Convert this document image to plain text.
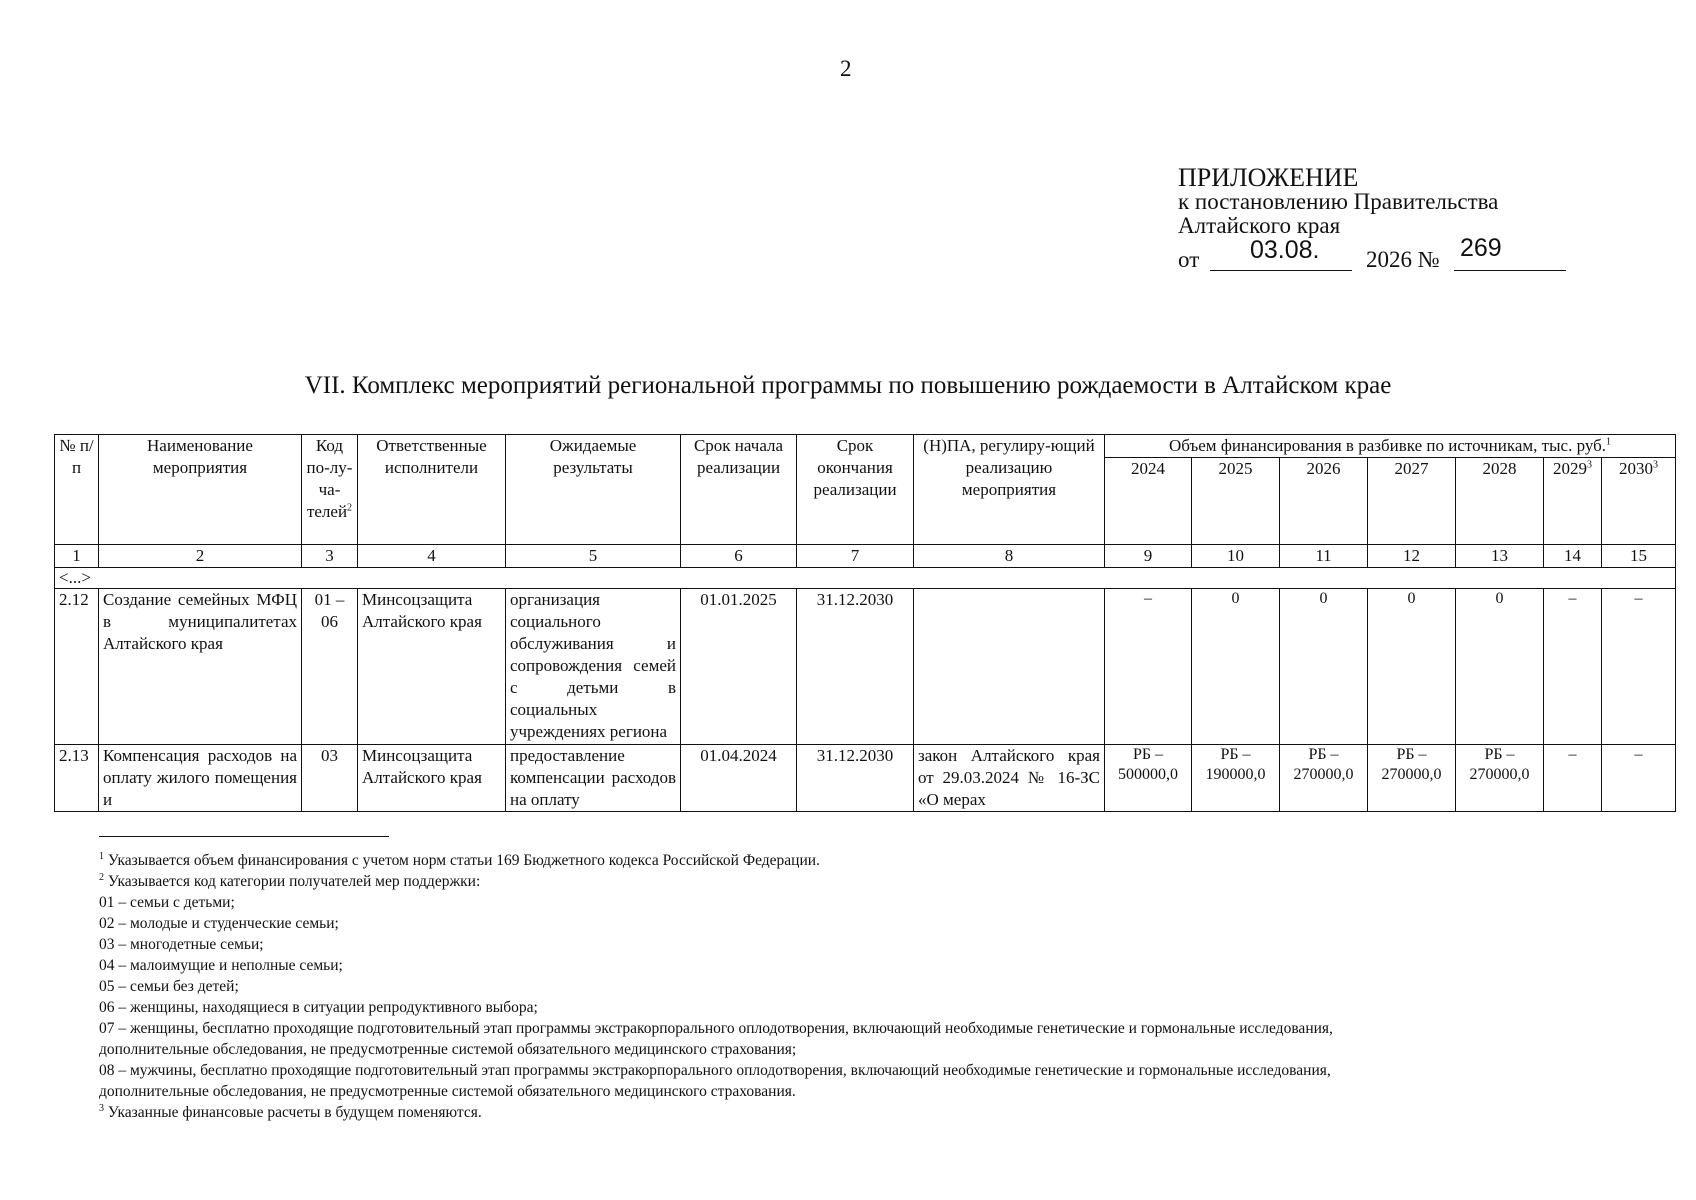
2
ПРИЛОЖЕНИЕ
к постановлению Правительства
Алтайского края
от 03.08. 2026 № 269
VII. Комплекс мероприятий региональной программы по повышению рождаемости в Алтайском крае
№ п/п	Наименование мероприятия	Код по-лу-ча-телей$^2$	Ответственные исполнители	Ожидаемые результаты	Срок начала реализации	Срок окончания реализации	(Н)ПА, регулиру-ющий реализацию мероприятия	Объем финансирования в разбивке по источникам, тыс. руб.$^1$
								2024	2025	2026	2027	2028	2029$^3$	2030$^3$
1	2	3	4	5	6	7	8	9	10	11	12	13	14	15
<...>														
2.12	Создание семейных МФЦ в муниципалитетах Алтайского края	01 – 06	Минсоцзащита Алтайского края	организация социального обслуживания и сопровождения семей с детьми в социальных учреждениях региона	01.01.2025	31.12.2030		–	0	0	0	0	–	–
2.13	Компенсация расходов на оплату жилого помещения и	03	Минсоцзащита Алтайского края	предоставление компенсации расходов на оплату	01.04.2024	31.12.2030	закон Алтайского края от 29.03.2024 № 16-ЗС «О мерах	РБ – 500000,0	РБ – 190000,0	РБ – 270000,0	РБ – 270000,0	РБ – 270000,0	–	–
$^1$ Указывается объем финансирования с учетом норм статьи 169 Бюджетного кодекса Российской Федерации.
$^2$ Указывается код категории получателей мер поддержки:
01 – семьи с детьми;
02 – молодые и студенческие семьи;
03 – многодетные семьи;
04 – малоимущие и неполные семьи;
05 – семьи без детей;
06 – женщины, находящиеся в ситуации репродуктивного выбора;
07 – женщины, бесплатно проходящие подготовительный этап программы экстракорпорального оплодотворения, включающий необходимые генетические и гормональные исследования,
дополнительные обследования, не предусмотренные системой обязательного медицинского страхования;
08 – мужчины, бесплатно проходящие подготовительный этап программы экстракорпорального оплодотворения, включающий необходимые генетические и гормональные исследования,
дополнительные обследования, не предусмотренные системой обязательного медицинского страхования.
$^3$ Указанные финансовые расчеты в будущем поменяются.
